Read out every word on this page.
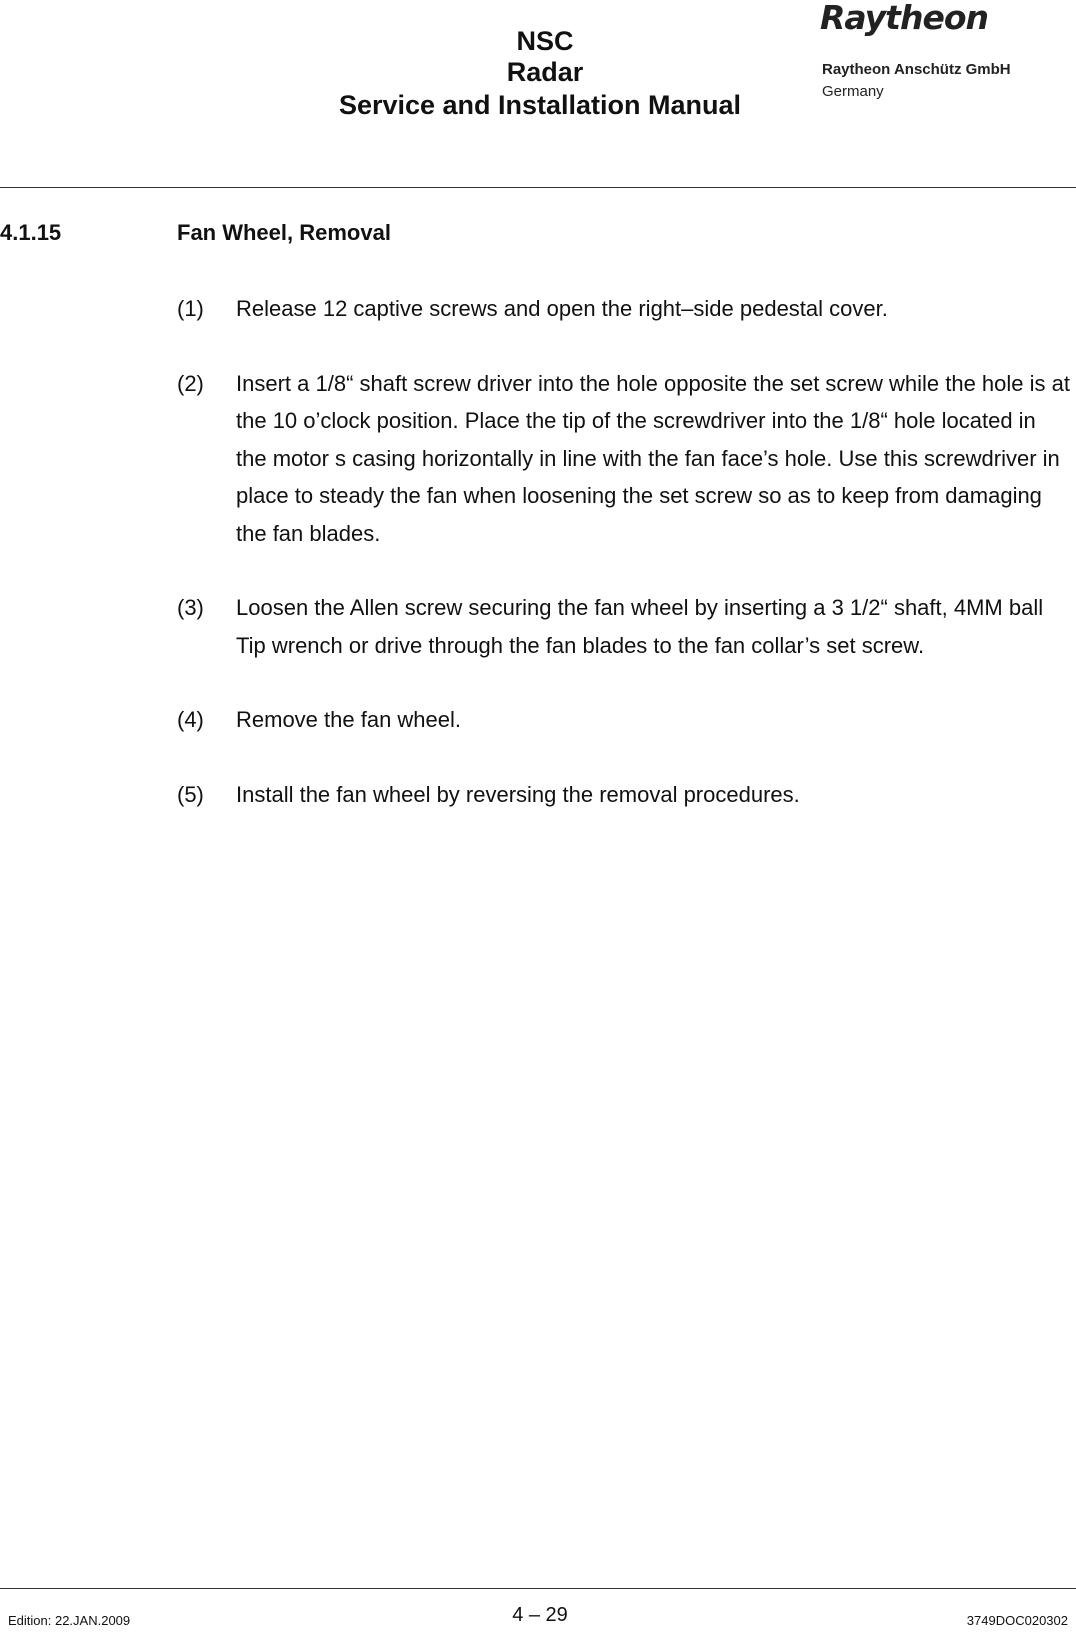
NSC Radar
Service and Installation Manual
Raytheon
Raytheon Anschütz GmbH
Germany
4.1.15	Fan Wheel, Removal
(1)	Release 12 captive screws and open the right–side pedestal cover.
(2)	Insert a 1/8“ shaft screw driver into the hole opposite the set screw while the hole is at the 10 o’clock position. Place the tip of the screwdriver into the 1/8“ hole located in the motor s casing horizontally in line with the fan face’s hole. Use this screwdriver in place to steady the fan when loosening the set screw so as to keep from damaging the fan blades.
(3)	Loosen the Allen screw securing the fan wheel by inserting a 3 1/2“ shaft, 4MM ball Tip wrench or drive through the fan blades to the fan collar’s set screw.
(4)	Remove the fan wheel.
(5)	Install the fan wheel by reversing the removal procedures.
Edition: 22.JAN.2009	4 – 29	3749DOC020302
